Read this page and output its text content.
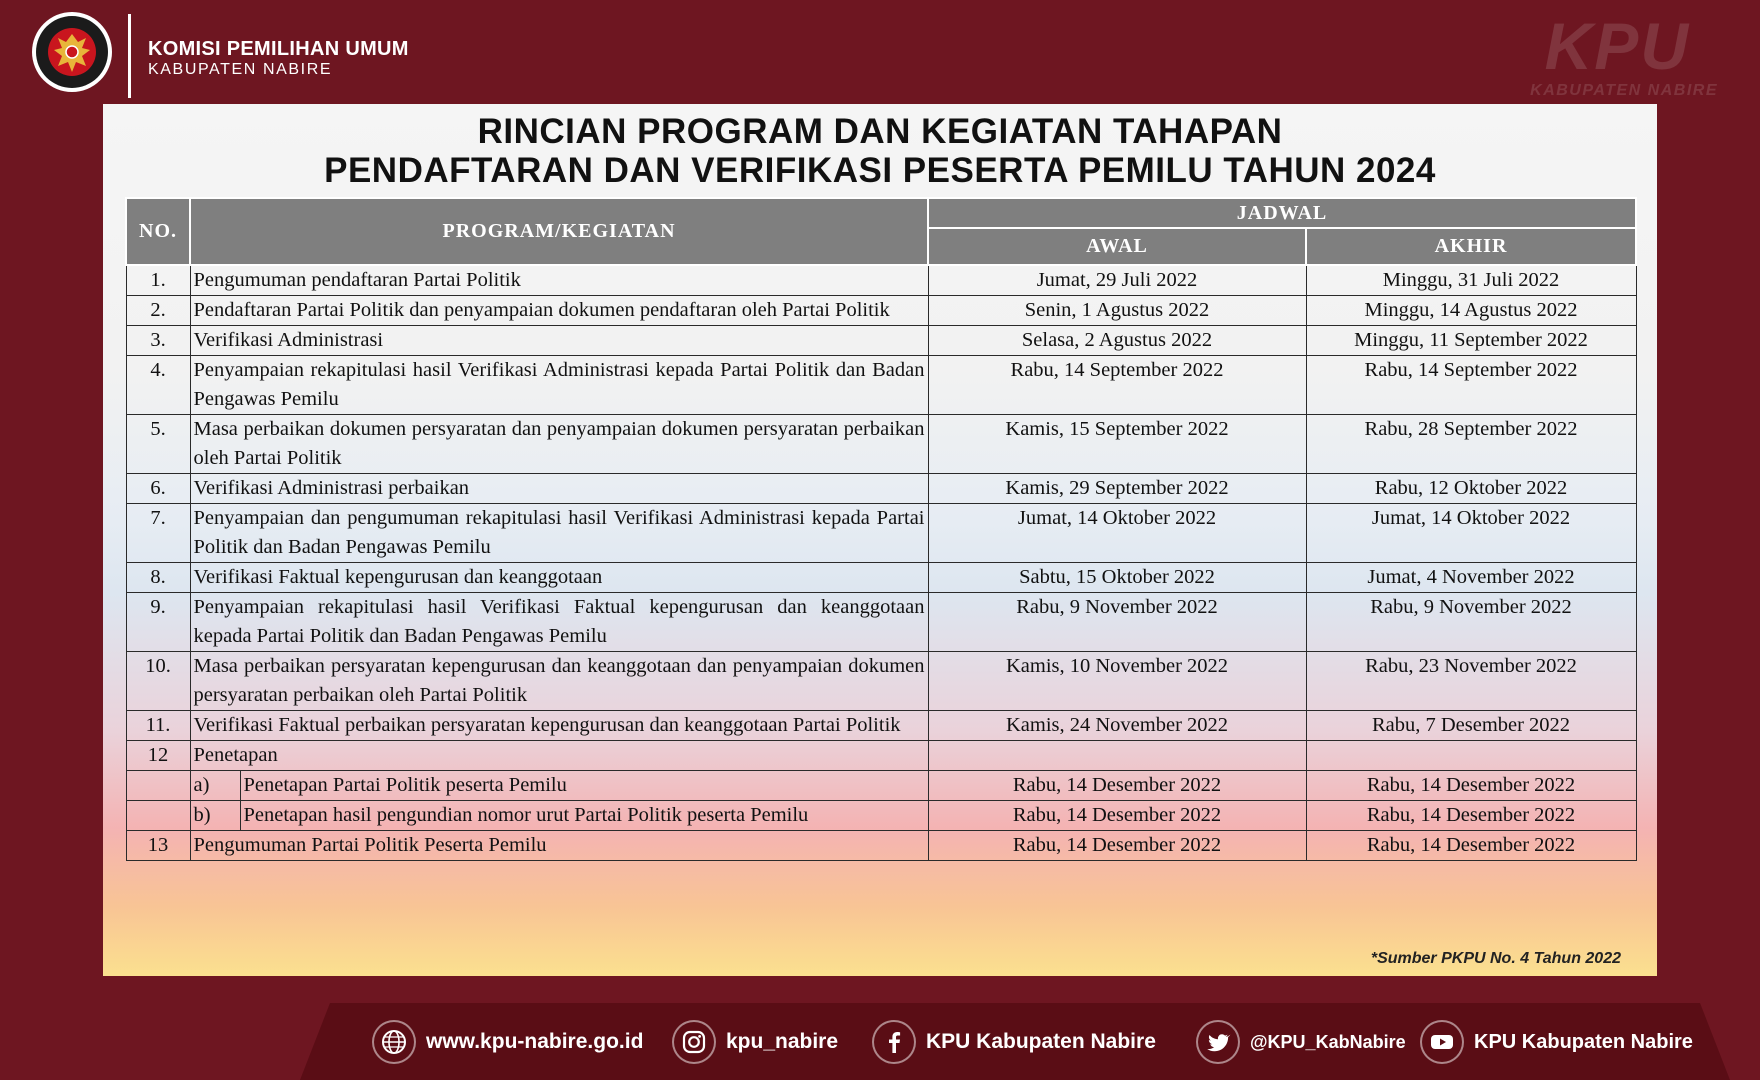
KOMISI PEMILIHAN UMUM
KABUPATEN NABIRE	KPU
KABUPATEN NABIRE
RINCIAN PROGRAM DAN KEGIATAN TAHAPAN
PENDAFTARAN DAN VERIFIKASI PESERTA PEMILU TAHUN 2024
NO.	PROGRAM/KEGIATAN		JADWAL	
			AWAL	AKHIR
1.	Pengumuman pendaftaran Partai Politik		Jumat, 29 Juli 2022	Minggu, 31 Juli 2022
2.	Pendaftaran Partai Politik dan penyampaian dokumen pendaftaran oleh Partai Politik		Senin, 1 Agustus 2022	Minggu, 14 Agustus 2022
3.	Verifikasi Administrasi		Selasa, 2 Agustus 2022	Minggu, 11 September 2022
4.	Penyampaian rekapitulasi hasil Verifikasi Administrasi kepada Partai Politik dan Badan Pengawas Pemilu		Rabu, 14 September 2022	Rabu, 14 September 2022
5.	Masa perbaikan dokumen persyaratan dan penyampaian dokumen persyaratan perbaikan oleh Partai Politik		Kamis, 15 September 2022	Rabu, 28 September 2022
6.	Verifikasi Administrasi perbaikan		Kamis, 29 September 2022	Rabu, 12 Oktober 2022
7.	Penyampaian dan pengumuman rekapitulasi hasil Verifikasi Administrasi kepada Partai Politik dan Badan Pengawas Pemilu		Jumat, 14 Oktober 2022	Jumat, 14 Oktober 2022
8.	Verifikasi Faktual kepengurusan dan keanggotaan		Sabtu, 15 Oktober 2022	Jumat, 4 November 2022
9.	Penyampaian rekapitulasi hasil Verifikasi Faktual kepengurusan dan keanggotaan kepada Partai Politik dan Badan Pengawas Pemilu		Rabu, 9 November 2022	Rabu, 9 November 2022
10.	Masa perbaikan persyaratan kepengurusan dan keanggotaan dan penyampaian dokumen persyaratan perbaikan oleh Partai Politik		Kamis, 10 November 2022	Rabu, 23 November 2022
11.	Verifikasi Faktual perbaikan persyaratan kepengurusan dan keanggotaan Partai Politik		Kamis, 24 November 2022	Rabu, 7 Desember 2022
12	Penetapan			
	a)	Penetapan Partai Politik peserta Pemilu	Rabu, 14 Desember 2022	Rabu, 14 Desember 2022
	b)	Penetapan hasil pengundian nomor urut Partai Politik peserta Pemilu	Rabu, 14 Desember 2022	Rabu, 14 Desember 2022
13	Pengumuman Partai Politik Peserta Pemilu		Rabu, 14 Desember 2022	Rabu, 14 Desember 2022
*Sumber PKPU No. 4 Tahun 2022
www.kpu-nabire.go.id	kpu_nabire	KPU Kabupaten Nabire	@KPU_KabNabire	KPU Kabupaten Nabire
